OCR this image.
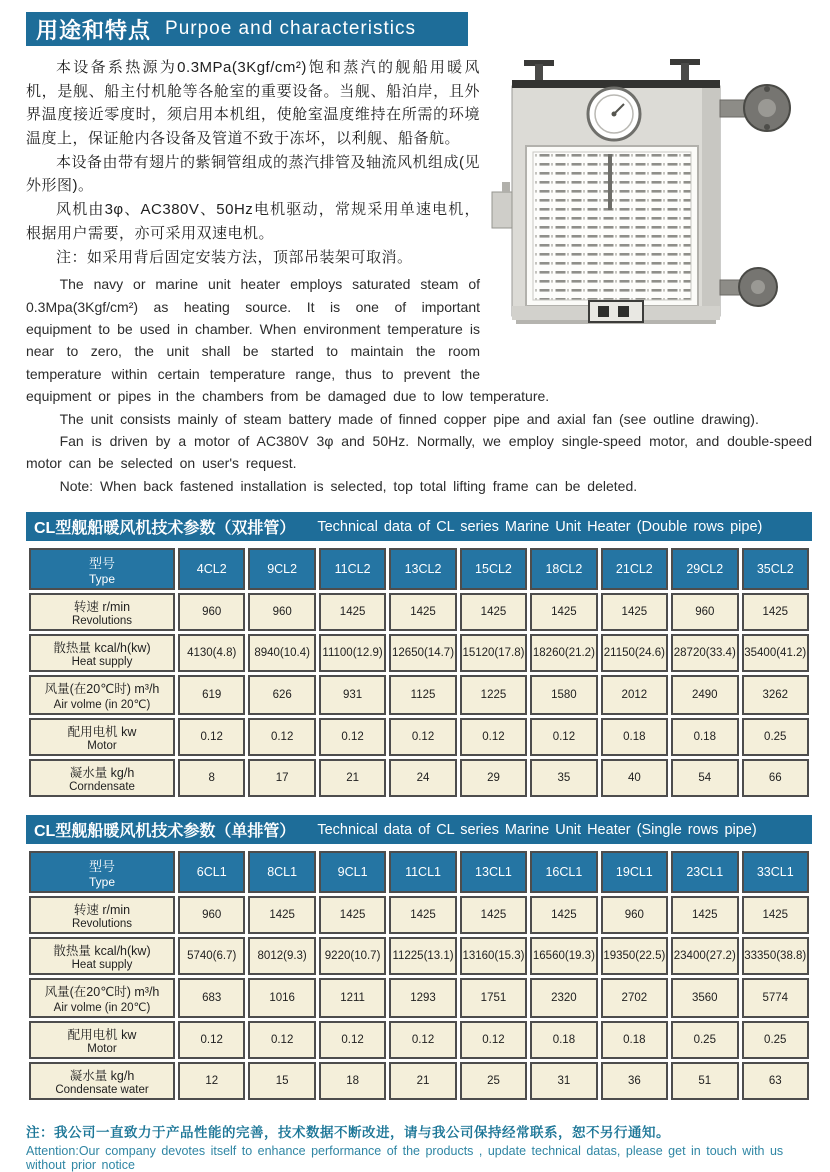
用途和特点 Purpoe and characteristics

本设备系热源为0.3MPa(3Kgf/cm²)饱和蒸汽的舰船用暖风机，是舰、船主付机舱等各舱室的重要设备。当舰、船泊岸，且外界温度接近零度时，须启用本机组，使舱室温度维持在所需的环境温度上，保证舱内各设备及管道不致于冻坏，以利舰、船备航。

本设备由带有翅片的紫铜管组成的蒸汽排管及轴流风机组成(见外形图)。

风机由3φ、AC380V、50Hz电机驱动，常规采用单速电机，根据用户需要，亦可采用双速电机。

注：如采用背后固定安装方法，顶部吊装架可取消。

The navy or marine unit heater employs saturated steam of 0.3Mpa(3Kgf/cm²) as heating source. It is one of important equipment to be used in chamber. When environment temperature is near to zero, the unit shall be started to maintain the room temperature within certain temperature range, thus to prevent the equipment or pipes in the chambers from be damaged due to low temperature.

The unit consists mainly of steam battery made of finned copper pipe and axial fan (see outline drawing).

Fan is driven by a motor of AC380V 3φ and 50Hz. Normally, we employ single-speed motor, and double-speed motor can be selected on user's request.

Note: When back fastened installation is selected, top total lifting frame can be deleted.

CL型舰船暖风机技术参数（双排管） Technical data of CL series Marine Unit Heater (Double rows pipe)
型号
Type	4CL2	9CL2	11CL2	13CL2	15CL2	18CL2	21CL2	29CL2	35CL2

转速 r/min
Revolutions	960	960	1425	1425	1425	1425	1425	960	1425

散热量 kcal/h(kw)
Heat supply	4130(4.8)	8940(10.4)	11100(12.9)	12650(14.7)	15120(17.8)	18260(21.2)	21150(24.6)	28720(33.4)	35400(41.2)

风量(在20℃时) m³/h
Air volme (in 20℃)	619	626	931	1125	1225	1580	2012	2490	3262

配用电机 kw
Motor	0.12	0.12	0.12	0.12	0.12	0.12	0.18	0.18	0.25

凝水量 kg/h
Corndensate	8	17	21	24	29	35	40	54	66
CL型舰船暖风机技术参数（单排管） Technical data of CL series Marine Unit Heater (Single rows pipe)
型号
Type	6CL1	8CL1	9CL1	11CL1	13CL1	16CL1	19CL1	23CL1	33CL1

转速 r/min
Revolutions	960	1425	1425	1425	1425	1425	960	1425	1425

散热量 kcal/h(kw)
Heat supply	5740(6.7)	8012(9.3)	9220(10.7)	11225(13.1)	13160(15.3)	16560(19.3)	19350(22.5)	23400(27.2)	33350(38.8)

风量(在20℃时) m³/h
Air volme (in 20℃)	683	1016	1211	1293	1751	2320	2702	3560	5774

配用电机 kw
Motor	0.12	0.12	0.12	0.12	0.12	0.18	0.18	0.25	0.25

凝水量 kg/h
Condensate water	12	15	18	21	25	31	36	51	63
注：我公司一直致力于产品性能的完善，技术数据不断改进，请与我公司保持经常联系，恕不另行通知。
Attention:Our company devotes itself to enhance performance of the products , update technical datas, please get in touch with us without prior notice
